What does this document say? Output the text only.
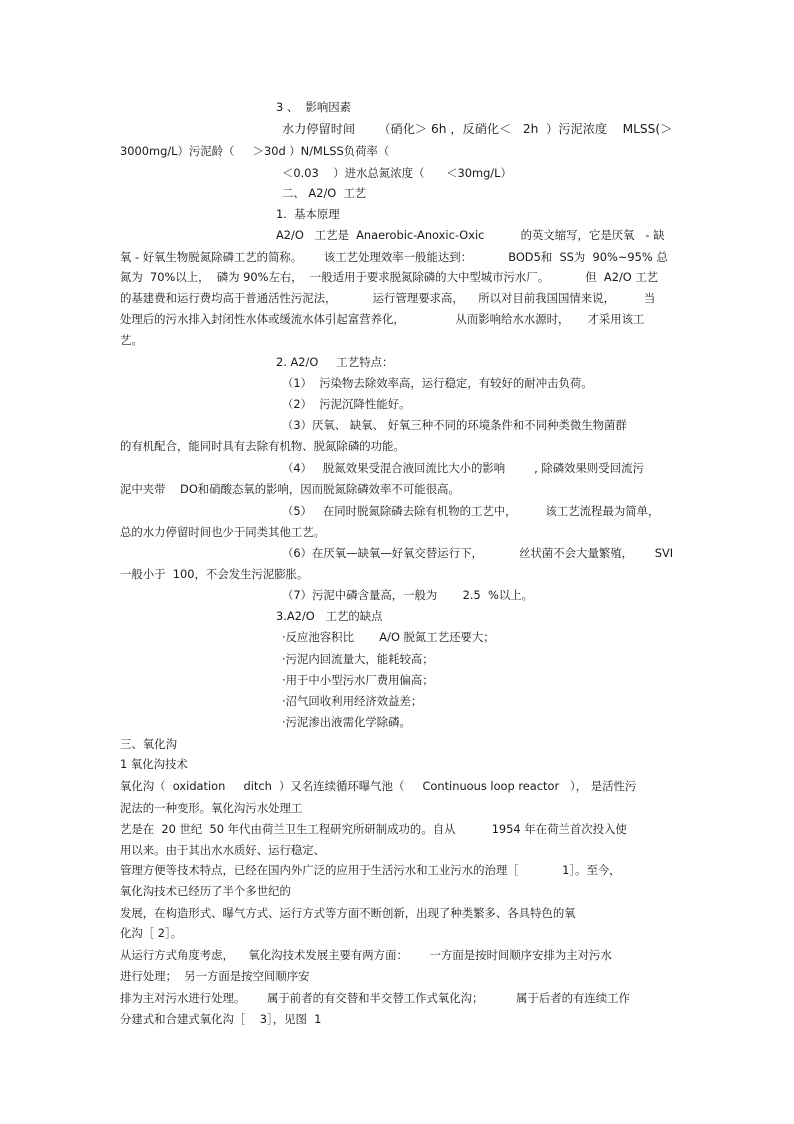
3 、  影响因素
水力停留时间      （硝化＞ 6h ，反硝化＜   2h  ）污泥浓度    MLSS(＞
3000mg/L）污泥龄（     ＞30d ）N/MLSS负荷率（
＜0.03    ）进水总氮浓度（      ＜30mg/L）
二、 A2/O  工艺
1.  基本原理
A2/O   工艺是  Anaerobic-Anoxic-Oxic          的英文缩写，它是厌氧   - 缺
氧 - 好氧生物脱氮除磷工艺的简称。      该工艺处理效率一般能达到：          BOD5和  SS为  90%~95% 总
氮为  70%以上，  磷为 90%左右，  一般适用于要求脱氮除磷的大中型城市污水厂。          但  A2/O 工艺
的基建费和运行费均高于普通活性污泥法，          运行管理要求高，    所以对目前我国国情来说，        当
处理后的污水排入封闭性水体或缓流水体引起富营养化，              从而影响给水水源时，     才采用该工
艺。
2. A2/O     工艺特点：
（1）  污染物去除效率高，运行稳定，有较好的耐冲击负荷。
（2）  污泥沉降性能好。
（3）厌氧、 缺氧、 好氧三种不同的环境条件和不同种类微生物菌群
的有机配合，能同时具有去除有机物、脱氮除磷的功能。
（4）   脱氮效果受混合液回流比大小的影响        , 除磷效果则受回流污
泥中夹带    DO和硝酸态氧的影响，因而脱氮除磷效率不可能很高。
（5）   在同时脱氮除磷去除有机物的工艺中，        该工艺流程最为简单，
总的水力停留时间也少于同类其他工艺。
（6）在厌氧—缺氧—好氧交替运行下，          丝状菌不会大量繁殖，      SVI
一般小于  100，不会发生污泥膨胀。
（7）污泥中磷含量高，一般为       2.5  %以上。
3.A2/O   工艺的缺点
·反应池容积比       A/O 脱氮工艺还要大；
·污泥内回流量大，能耗较高；
·用于中小型污水厂费用偏高；
·沼气回收利用经济效益差；
·污泥渗出液需化学除磷。
三、氧化沟
1 氧化沟技术
氧化沟（  oxidation     ditch  ）又名连续循环曝气池（     Continuous loop reactor   ）， 是活性污
泥法的一种变形。氧化沟污水处理工
艺是在  20 世纪  50 年代由荷兰卫生工程研究所研制成功的。自从          1954 年在荷兰首次投入使
用以来。由于其出水水质好、运行稳定、
管理方便等技术特点，已经在国内外广泛的应用于生活污水和工业污水的治理［            1］。至今，
氧化沟技术已经历了半个多世纪的
发展，在构造形式、曝气方式、运行方式等方面不断创新，出现了种类繁多、各具特色的氧
化沟［ 2］。
从运行方式角度考虑，    氧化沟技术发展主要有两方面：      一方面是按时间顺序安排为主对污水
进行处理；  另一方面是按空间顺序安
排为主对污水进行处理。      属于前者的有交替和半交替工作式氧化沟；         属于后者的有连续工作
分建式和合建式氧化沟［    3］，见图  1
